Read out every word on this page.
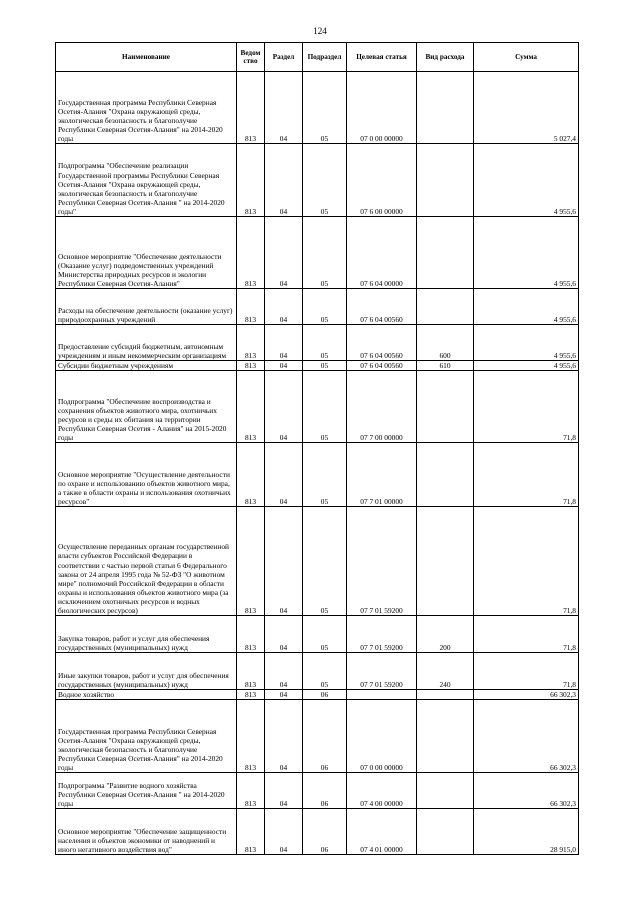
124
Наименование	Ведомство	Раздел	Подраздел	Целевая статья	Вид расхода	Сумма
Государственная программа Республики Северная Осетия-Алания "Охрана окружающей среды, экологическая безопасность и благополучие Республики Северная Осетия-Алания" на 2014-2020 годы	813	04	05	07 0 00 00000		5 027,4
Подпрограмма "Обеспечение реализации Государственной программы Республики Северная Осетия-Алания "Охрана окружающей среды, экологическая безопасность и благополучие Республики Северная Осетия-Алания " на 2014-2020 годы"	813	04	05	07 6 00 00000		4 955,6
Основное мероприятие "Обеспечение деятельности (Оказание услуг) подведомственных учреждений Министерства природных ресурсов и экологии Республики Северная Осетия-Алания"	813	04	05	07 6 04 00000		4 955,6
Расходы на обеспечение деятельности (оказание услуг) природоохранных учреждений	813	04	05	07 6 04 00560		4 955,6
Предоставление субсидий бюджетным, автономным учреждениям и иным некоммерческим организациям	813	04	05	07 6 04 00560	600	4 955,6
Субсидии бюджетным учреждениям	813	04	05	07 6 04 00560	610	4 955,6
Подпрограмма "Обеспечение воспроизводства и сохранения объектов животного мира, охотничьих ресурсов и среды их обитания на территории Республики Северная Осетия - Алания" на 2015-2020 годы	813	04	05	07 7 00 00000		71,8
Основное мероприятие "Осуществление деятельности по охране и использованию объектов животного мира, а также в области охраны и использования охотничьих ресурсов"	813	04	05	07 7 01 00000		71,8
Осуществление переданных органам государственной власти субъектов Российской Федерации в соответствии с частью первой статьи 6 Федерального закона от 24 апреля 1995 года № 52-ФЗ "О животном мире" полномочий Российской Федерации в области охраны и использования объектов животного мира (за исключением охотничьих ресурсов и водных биологических ресурсов)	813	04	05	07 7 01 59200		71,8
Закупка товаров, работ и услуг для обеспечения государственных (муниципальных) нужд	813	04	05	07 7 01 59200	200	71,8
Иные закупки товаров, работ и услуг для обеспечения государственных (муниципальных) нужд	813	04	05	07 7 01 59200	240	71,8
Водное хозяйство	813	04	06			66 302,3
Государственная программа Республики Северная Осетия-Алания "Охрана окружающей среды, экологическая безопасность и благополучие Республики Северная Осетия-Алания" на 2014-2020 годы	813	04	06	07 0 00 00000		66 302,3
Подпрограмма "Развитие водного хозяйства Республики Северная Осетия-Алания " на 2014-2020 годы	813	04	06	07 4 00 00000		66 302,3
Основное мероприятие "Обеспечение защищенности населения и объектов экономики от наводнений и иного негативного воздействия вод"	813	04	06	07 4 01 00000		28 915,0
